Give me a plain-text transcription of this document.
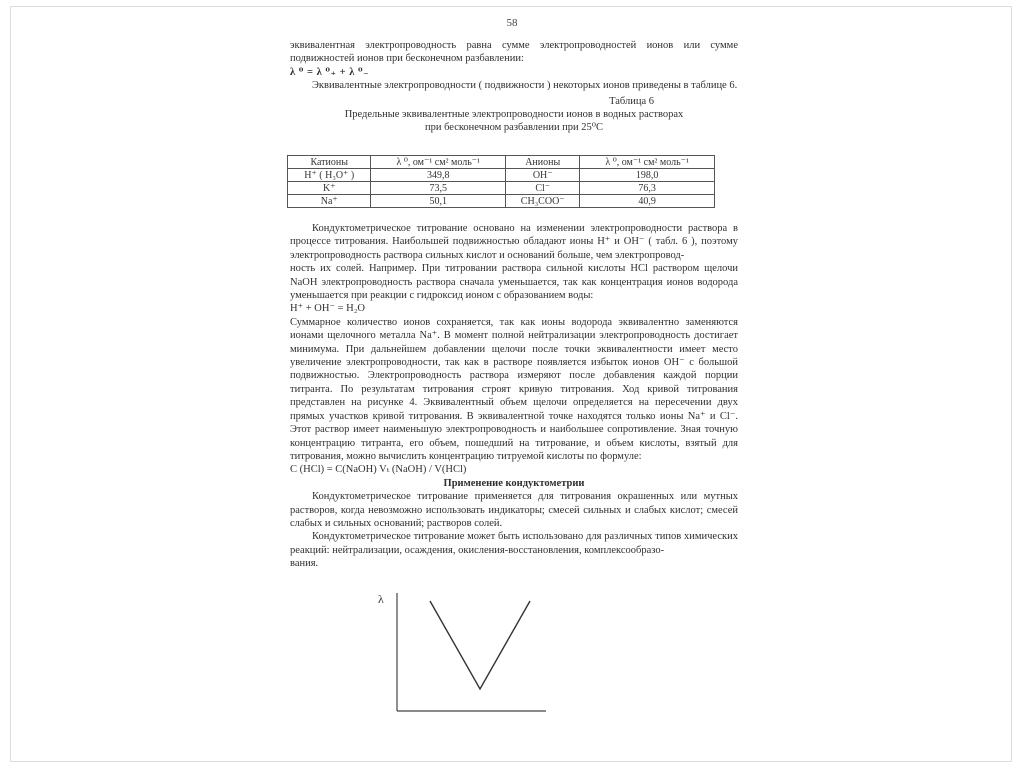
58

эквивалентная электропроводность равна сумме электропроводностей ионов или сумме подвижностей ионов при бесконечном разбавлении:

λ ⁰ = λ ⁰₊ + λ ⁰₋

Эквивалентные электропроводности ( подвижности ) некоторых ионов приведены в таблице 6.

Таблица 6

Предельные эквивалентные электропроводности ионов в водных растворах

при бесконечном разбавлении при 25⁰С

Катионы	λ ⁰, ом⁻¹ см² моль⁻¹	Анионы	λ ⁰, ом⁻¹ см² моль⁻¹
H⁺ ( H₃O⁺ )	349,8	OH⁻	198,0
K⁺	73,5	Cl⁻	76,3
Na⁺	50,1	CH₃COO⁻	40,9

Кондуктометрическое титрование основано на изменении электропроводности раствора в процессе титрования. Наибольшей подвижностью обладают ионы H⁺ и OH⁻ ( табл. 6 ), поэтому электропроводность раствора сильных кислот и оснований больше, чем электропровод-

ность их солей. Например. При титровании раствора сильной кислоты HCl раствором щелочи NaOH электропроводность раствора сначала уменьшается, так как концентрация ионов водорода уменьшается при реакции с гидроксид ионом с образованием воды:

H⁺ + OH⁻ = H₂O

Суммарное количество ионов сохраняется, так как ионы водорода эквивалентно заменяются ионами щелочного металла Na⁺. В момент полной нейтрализации электропроводность достигает минимума. При дальнейшем добавлении щелочи после точки эквивалентности имеет место увеличение электропроводности, так как в растворе появляется избыток ионов OH⁻ с большой подвижностью. Электропроводность раствора измеряют после добавления каждой порции титранта. По результатам титрования строят кривую титрования. Ход кривой титрования представлен на рисунке 4. Эквивалентный объем щелочи определяется на пересечении двух прямых участков кривой титрования. В эквивалентной точке находятся только ионы Na⁺ и Cl⁻. Этот раствор имеет наименьшую электропроводность и наибольшее сопротивление. Зная точную концентрацию титранта, его объем, пошедший на титрование, и объем кислоты, взятый для титрования, можно вычислить концентрацию титруемой кислоты по формуле:

C (HCl) = C(NaOH) Vₜ (NaOH) / V(HCl)

Применение кондуктометрии

Кондуктометрическое титрование применяется для титрования окрашенных или мутных растворов, когда невозможно использовать индикаторы; смесей сильных и слабых кислот; смесей слабых и сильных оснований; растворов солей.

Кондуктометрическое титрование может быть использовано для различных типов химических реакций: нейтрализации, осаждения, окисления-восстановления, комплексообразо-

вания.

λ
